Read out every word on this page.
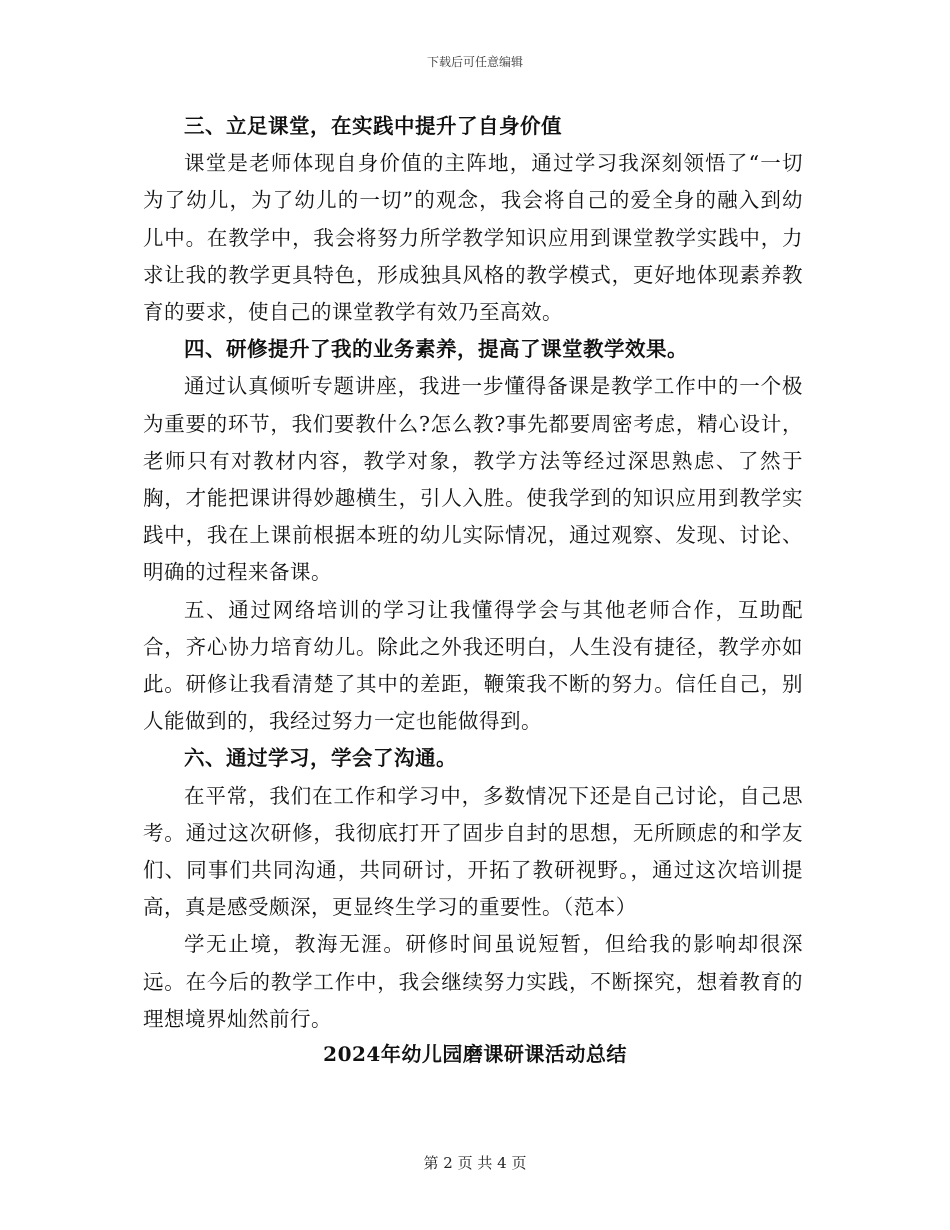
下载后可任意编辑

三、立足课堂，在实践中提升了自身价值

课堂是老师体现自身价值的主阵地，通过学习我深刻领悟了“一切为了幼儿，为了幼儿的一切”的观念，我会将自己的爱全身的融入到幼儿中。在教学中，我会将努力所学教学知识应用到课堂教学实践中，力求让我的教学更具特色，形成独具风格的教学模式，更好地体现素养教育的要求，使自己的课堂教学有效乃至高效。

四、研修提升了我的业务素养，提高了课堂教学效果。

通过认真倾听专题讲座，我进一步懂得备课是教学工作中的一个极为重要的环节，我们要教什么?怎么教?事先都要周密考虑，精心设计，老师只有对教材内容，教学对象，教学方法等经过深思熟虑、了然于胸，才能把课讲得妙趣横生，引人入胜。使我学到的知识应用到教学实践中，我在上课前根据本班的幼儿实际情况，通过观察、发现、讨论、明确的过程来备课。

五、通过网络培训的学习让我懂得学会与其他老师合作，互助配合，齐心协力培育幼儿。除此之外我还明白，人生没有捷径，教学亦如此。研修让我看清楚了其中的差距，鞭策我不断的努力。信任自己，别人能做到的，我经过努力一定也能做得到。

六、通过学习，学会了沟通。

在平常，我们在工作和学习中，多数情况下还是自己讨论，自己思考。通过这次研修，我彻底打开了固步自封的思想，无所顾虑的和学友们、同事们共同沟通，共同研讨，开拓了教研视野。，通过这次培训提高，真是感受颇深，更显终生学习的重要性。（范本）

学无止境，教海无涯。研修时间虽说短暂，但给我的影响却很深远。在今后的教学工作中，我会继续努力实践，不断探究，想着教育的理想境界灿然前行。

2024年幼儿园磨课研课活动总结
第 2 页 共 4 页
